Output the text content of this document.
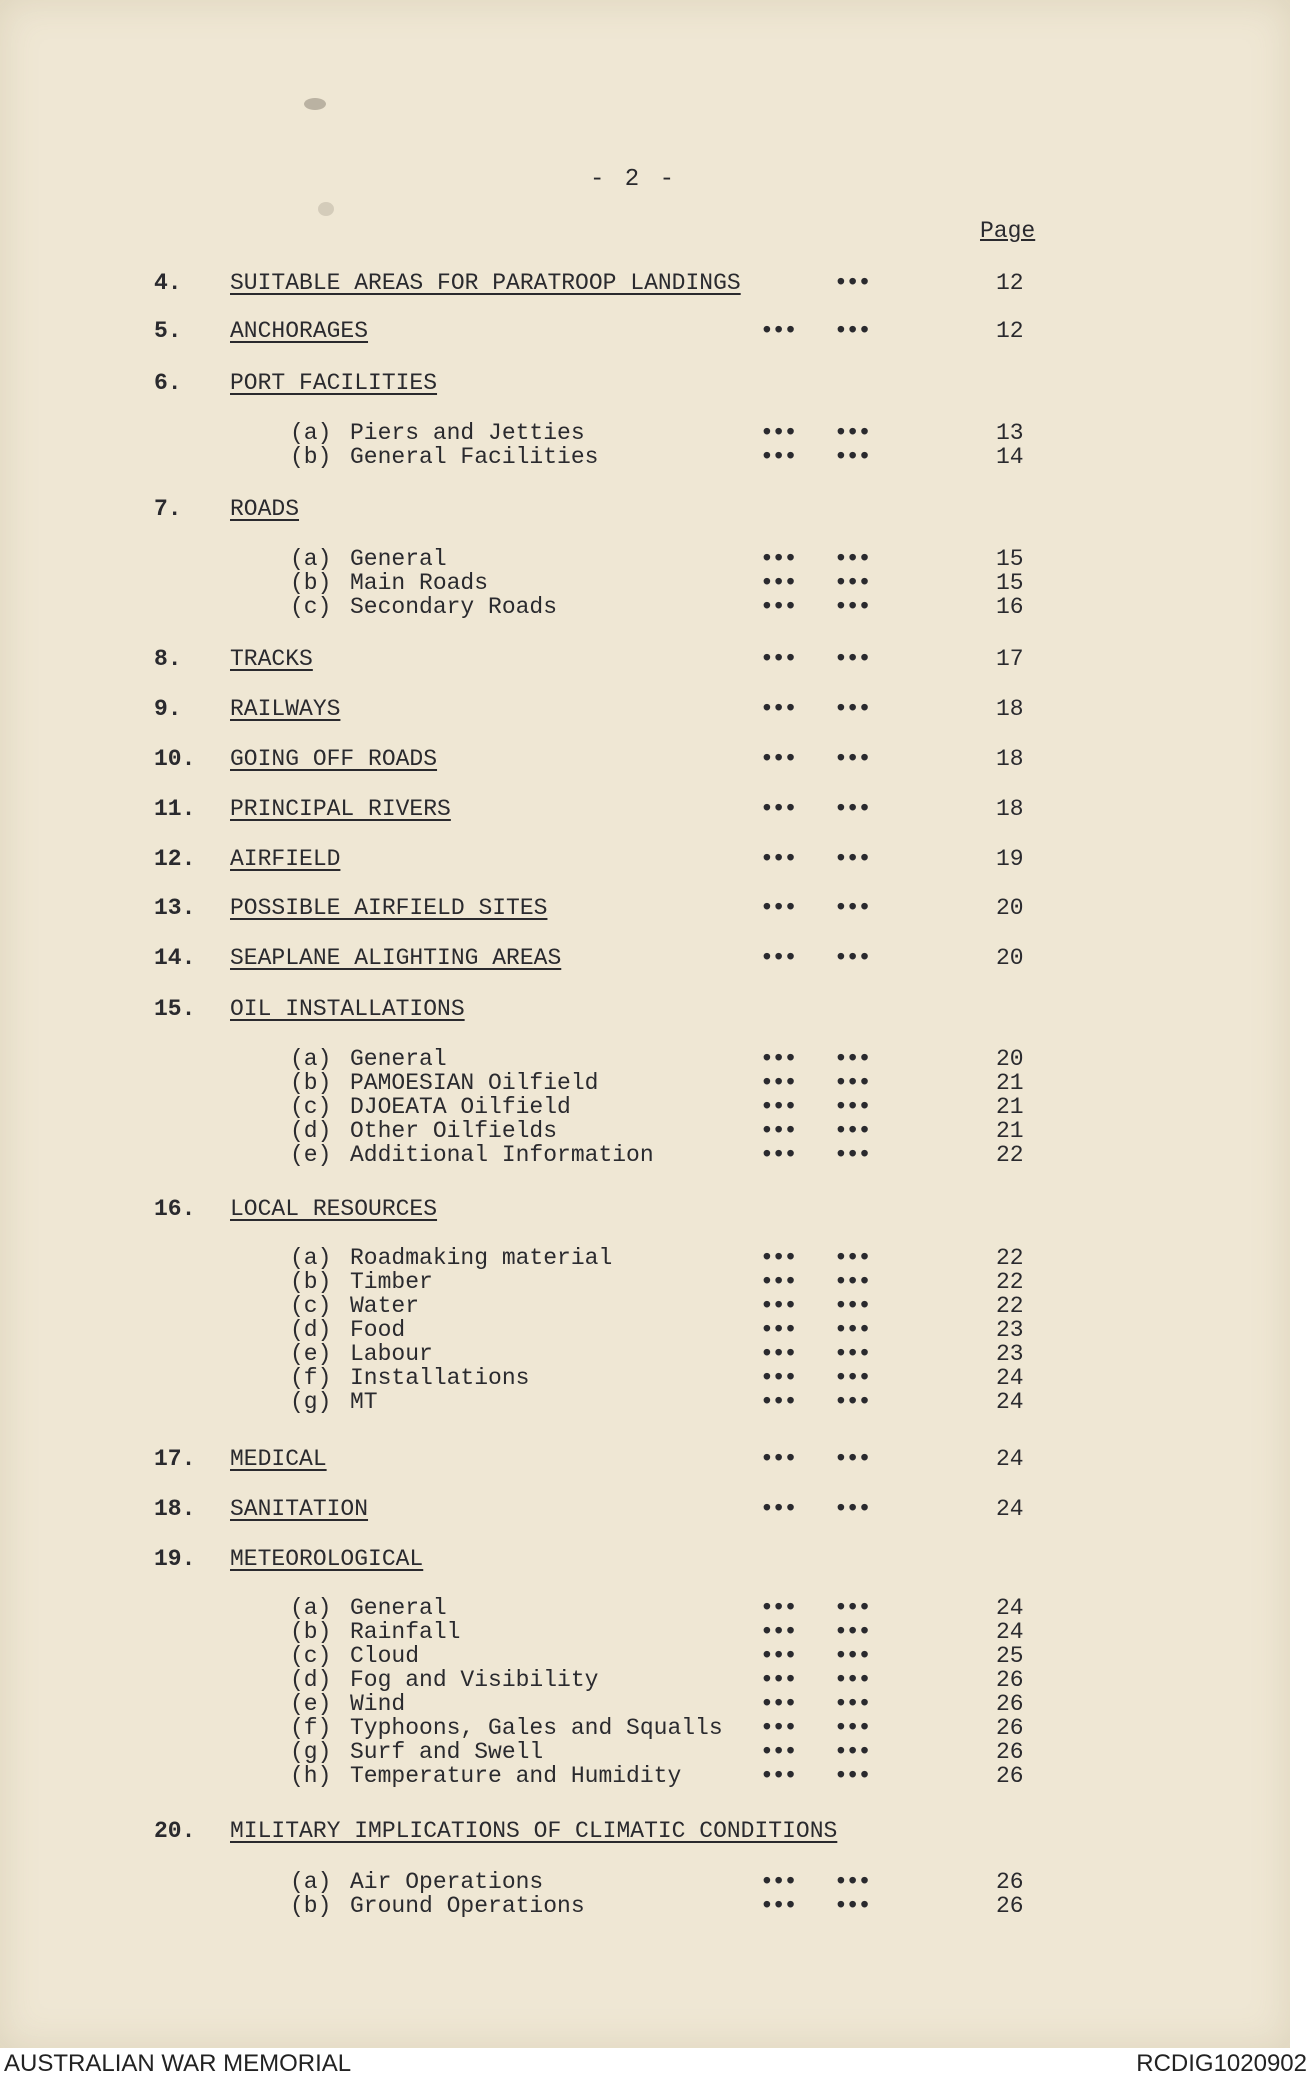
- 2 -
Page
4.	SUITABLE AREAS FOR PARATROOP LANDINGS	•••	12
5.	ANCHORAGES	••• •••	12
6.	PORT FACILITIES
(a) Piers and Jetties	••• •••	13
(b) General Facilities	••• •••	14
7.	ROADS
(a) General	••• •••	15
(b) Main Roads	••• •••	15
(c) Secondary Roads	••• •••	16
8.	TRACKS	••• •••	17
9.	RAILWAYS	••• •••	18
10.	GOING OFF ROADS	••• •••	18
11.	PRINCIPAL RIVERS	••• •••	18
12.	AIRFIELD	••• •••	19
13.	POSSIBLE AIRFIELD SITES	••• •••	20
14.	SEAPLANE ALIGHTING AREAS	••• •••	20
15.	OIL INSTALLATIONS
(a) General	••• •••	20
(b) PAMOESIAN Oilfield	••• •••	21
(c) DJOEATA Oilfield	••• •••	21
(d) Other Oilfields	••• •••	21
(e) Additional Information	••• •••	22
16.	LOCAL RESOURCES
(a) Roadmaking material	••• •••	22
(b) Timber	••• •••	22
(c) Water	••• •••	22
(d) Food	••• •••	23
(e) Labour	••• •••	23
(f) Installations	••• •••	24
(g) MT	••• •••	24
17.	MEDICAL	••• •••	24
18.	SANITATION	••• •••	24
19.	METEOROLOGICAL
(a) General	••• •••	24
(b) Rainfall	••• •••	24
(c) Cloud	••• •••	25
(d) Fog and Visibility	••• •••	26
(e) Wind	••• •••	26
(f) Typhoons, Gales and Squalls ••• •••	26
(g) Surf and Swell	••• •••	26
(h) Temperature and Humidity	••• •••	26
20.	MILITARY IMPLICATIONS OF CLIMATIC CONDITIONS
(a) Air Operations	••• •••	26
(b) Ground Operations	••• •••	26
AUSTRALIAN WAR MEMORIAL	RCDIG1020902
